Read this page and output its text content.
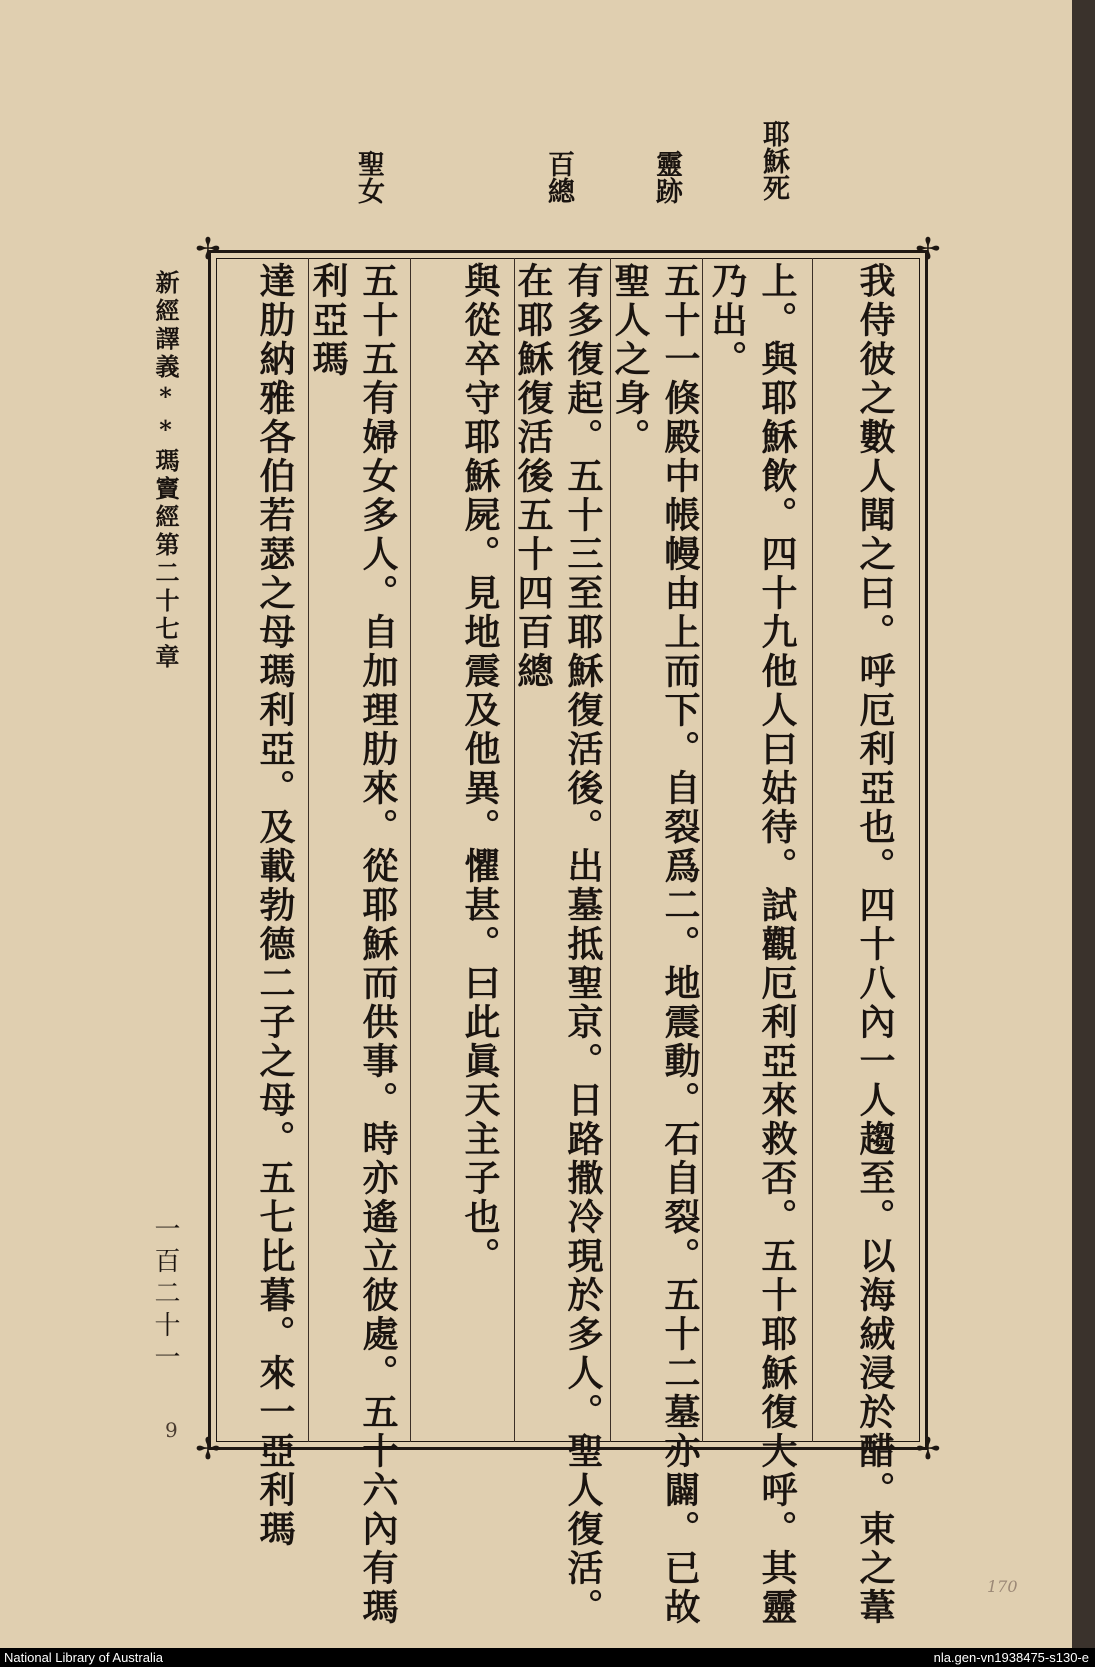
耶穌死
靈跡
百總
聖女
✢	✢
✢	✢
我侍彼之數人聞之曰。呼厄利亞也。四十八內一人趨至。以海絨浸於醋。束之葦
上。與耶穌飲。四十九他人曰姑待。試觀厄利亞來救否。五十耶穌復大呼。其靈乃出。
五十一倏殿中帳幔由上而下。自裂爲二。地震動。石自裂。五十二墓亦闢。已故聖人之身。
有多復起。五十三至耶穌復活後。出墓抵聖京。日路撒冷現於多人。聖人復活。在耶穌復活後五十四百總
與從卒守耶穌屍。見地震及他異。懼甚。曰此眞天主子也。
五十五有婦女多人。自加理肋來。從耶穌而供事。時亦遙立彼處。五十六內有瑪利亞瑪
達肋納雅各伯若瑟之母瑪利亞。及載勃德二子之母。五七比暮。來一亞利瑪
新經譯義**瑪竇經第二十七章
一百二十一
9
170
National Library of Australia	nla.gen-vn1938475-s130-e
